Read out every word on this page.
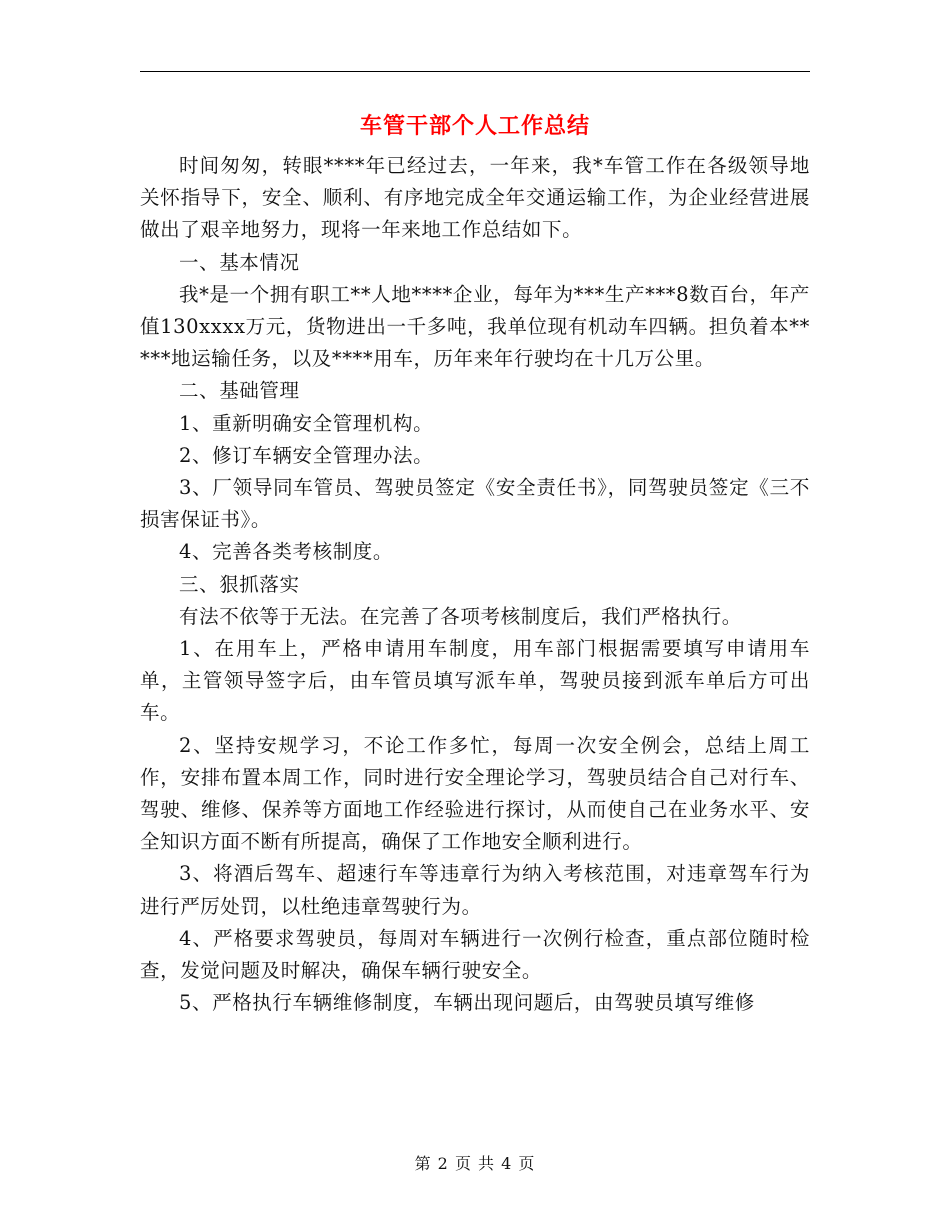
车管干部个人工作总结

时间匆匆，转眼****年已经过去，一年来，我*车管工作在各级领导地关怀指导下，安全、顺利、有序地完成全年交通运输工作，为企业经营进展做出了艰辛地努力，现将一年来地工作总结如下。

一、基本情况

我*是一个拥有职工**人地****企业，每年为***生产***8数百台，年产值130xxxx万元，货物进出一千多吨，我单位现有机动车四辆。担负着本*****地运输任务，以及****用车，历年来年行驶均在十几万公里。

二、基础管理

1、重新明确安全管理机构。

2、修订车辆安全管理办法。

3、厂领导同车管员、驾驶员签定《安全责任书》，同驾驶员签定《三不损害保证书》。

4、完善各类考核制度。

三、狠抓落实

有法不依等于无法。在完善了各项考核制度后，我们严格执行。

1、在用车上，严格申请用车制度，用车部门根据需要填写申请用车单，主管领导签字后，由车管员填写派车单，驾驶员接到派车单后方可出车。

2、坚持安规学习，不论工作多忙，每周一次安全例会，总结上周工作，安排布置本周工作，同时进行安全理论学习，驾驶员结合自己对行车、驾驶、维修、保养等方面地工作经验进行探讨，从而使自己在业务水平、安全知识方面不断有所提高，确保了工作地安全顺利进行。

3、将酒后驾车、超速行车等违章行为纳入考核范围，对违章驾车行为进行严厉处罚，以杜绝违章驾驶行为。

4、严格要求驾驶员，每周对车辆进行一次例行检查，重点部位随时检查，发觉问题及时解决，确保车辆行驶安全。

5、严格执行车辆维修制度，车辆出现问题后，由驾驶员填写维修

第 2 页 共 4 页
